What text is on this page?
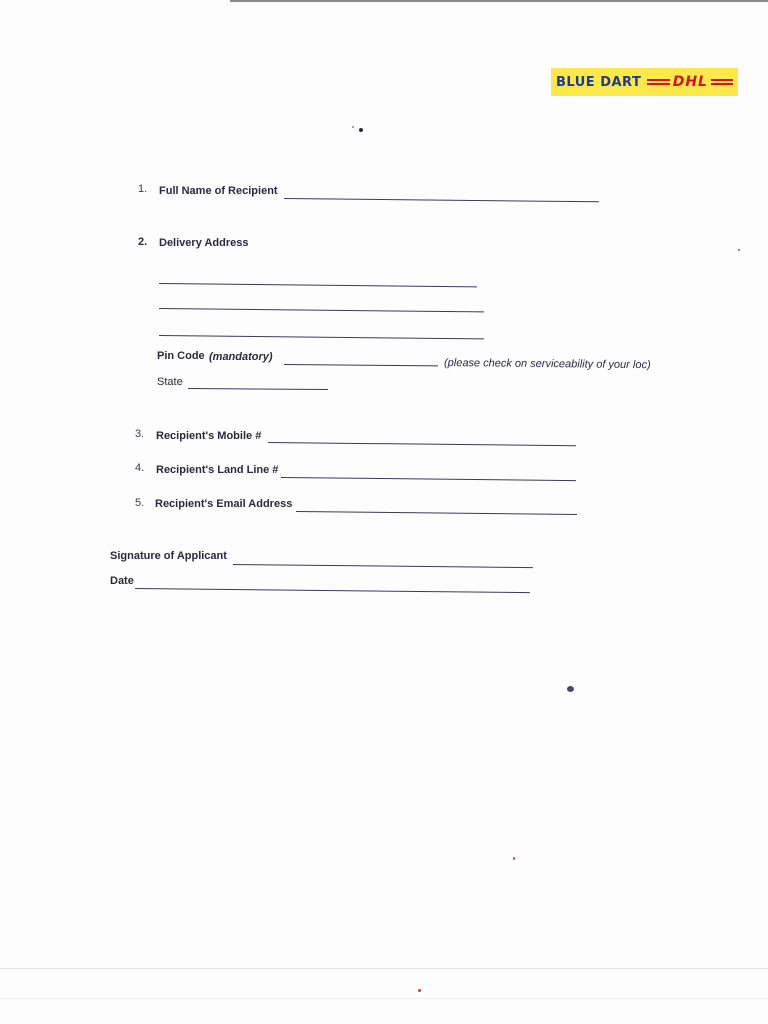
BLUE DART DHL
1. Full Name of Recipient
2. Delivery Address
Pin Code (mandatory)
(please check on serviceability of your loc)
State
3. Recipient's Mobile #
4. Recipient's Land Line #
5. Recipient's Email Address
Signature of Applicant
Date
